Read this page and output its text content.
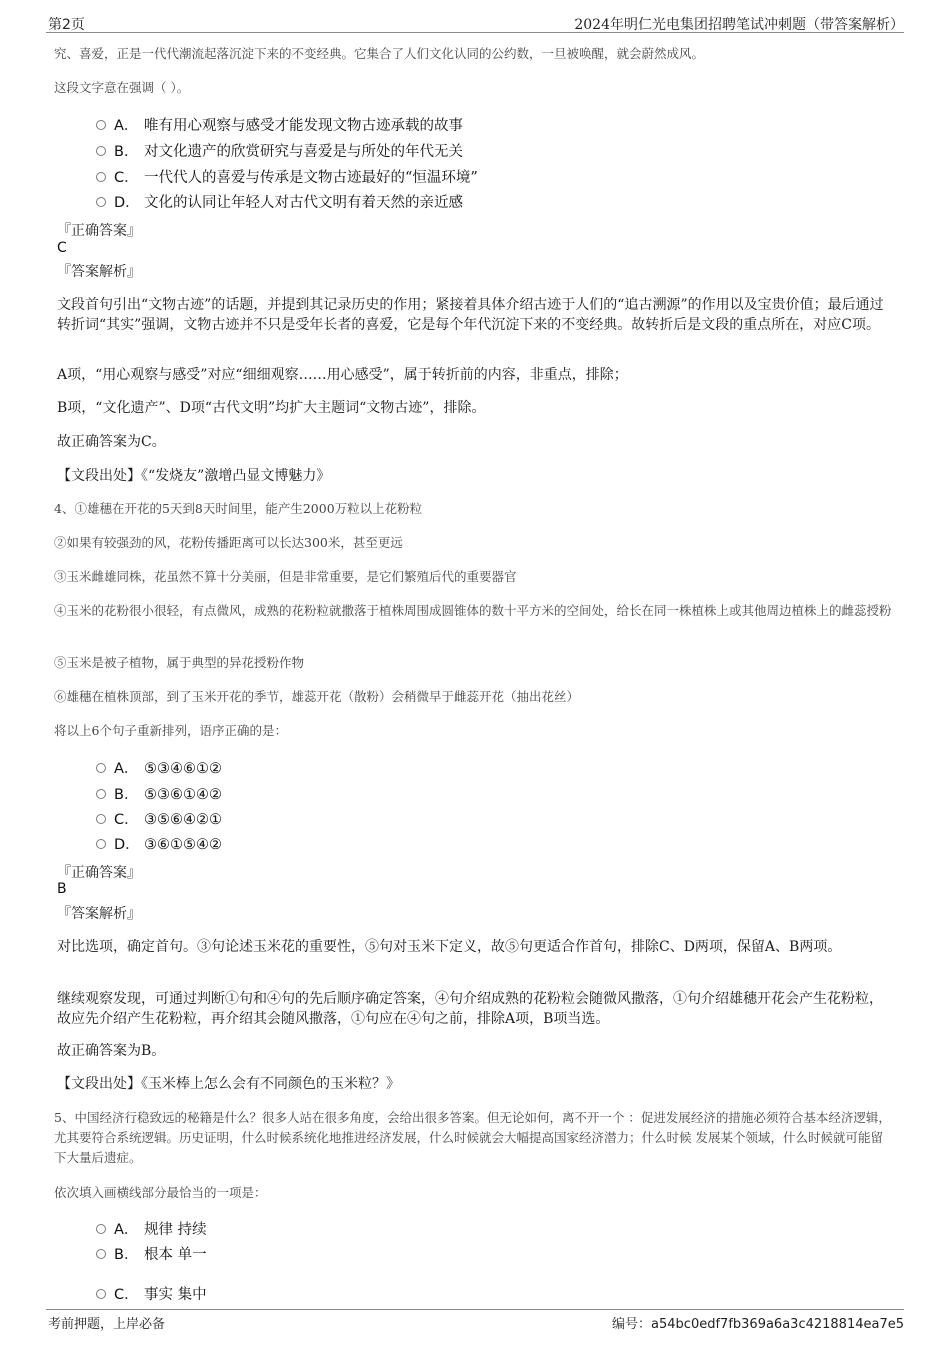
第2页	2024年明仁光电集团招聘笔试冲刺题（带答案解析）
究、喜爱，正是一代代潮流起落沉淀下来的不变经典。它集合了人们文化认同的公约数，一旦被唤醒，就会蔚然成风。
这段文字意在强调（ ）。
A． 唯有用心观察与感受才能发现文物古迹承载的故事
B． 对文化遗产的欣赏研究与喜爱是与所处的年代无关
C． 一代代人的喜爱与传承是文物古迹最好的“恒温环境”
D． 文化的认同让年轻人对古代文明有着天然的亲近感
『正确答案』
C
『答案解析』
文段首句引出“文物古迹”的话题，并提到其记录历史的作用；紧接着具体介绍古迹于人们的“追古溯源”的作用以及宝贵价值；最后通过转折词“其实”强调，文物古迹并不只是受年长者的喜爱，它是每个年代沉淀下来的不变经典。故转折后是文段的重点所在，对应C项。
A项，“用心观察与感受”对应“细细观察……用心感受”，属于转折前的内容，非重点，排除；
B项，“文化遗产”、D项“古代文明”均扩大主题词“文物古迹”，排除。
故正确答案为C。
【文段出处】《“发烧友”激增凸显文博魅力》
4、①雄穗在开花的5天到8天时间里，能产生2000万粒以上花粉粒
②如果有较强劲的风，花粉传播距离可以长达300米，甚至更远
③玉米雌雄同株，花虽然不算十分美丽，但是非常重要，是它们繁殖后代的重要器官
④玉米的花粉很小很轻，有点微风，成熟的花粉粒就撒落于植株周围成圆锥体的数十平方米的空间处，给长在同一株植株上或其他周边植株上的雌蕊授粉
⑤玉米是被子植物，属于典型的异花授粉作物
⑥雄穗在植株顶部，到了玉米开花的季节，雄蕊开花（散粉）会稍微早于雌蕊开花（抽出花丝）
将以上6个句子重新排列，语序正确的是：
A． ⑤③④⑥①②
B． ⑤③⑥①④②
C． ③⑤⑥④②①
D． ③⑥①⑤④②
『正确答案』
B
『答案解析』
对比选项，确定首句。③句论述玉米花的重要性，⑤句对玉米下定义，故⑤句更适合作首句，排除C、D两项，保留A、B两项。
继续观察发现，可通过判断①句和④句的先后顺序确定答案，④句介绍成熟的花粉粒会随微风撒落，①句介绍雄穗开花会产生花粉粒，故应先介绍产生花粉粒，再介绍其会随风撒落，①句应在④句之前，排除A项，B项当选。
故正确答案为B。
【文段出处】《玉米棒上怎么会有不同颜色的玉米粒？》
5、中国经济行稳致远的秘籍是什么？很多人站在很多角度，会给出很多答案。但无论如何，离不开一个 ：促进发展经济的措施必须符合基本经济逻辑，尤其要符合系统逻辑。历史证明，什么时候系统化地推进经济发展，什么时候就会大幅提高国家经济潜力；什么时候 发展某个领域，什么时候就可能留下大量后遗症。
依次填入画横线部分最恰当的一项是：
A． 规律 持续
B． 根本 单一
C． 事实 集中
考前押题，上岸必备	编号：a54bc0edf7fb369a6a3c4218814ea7e5
